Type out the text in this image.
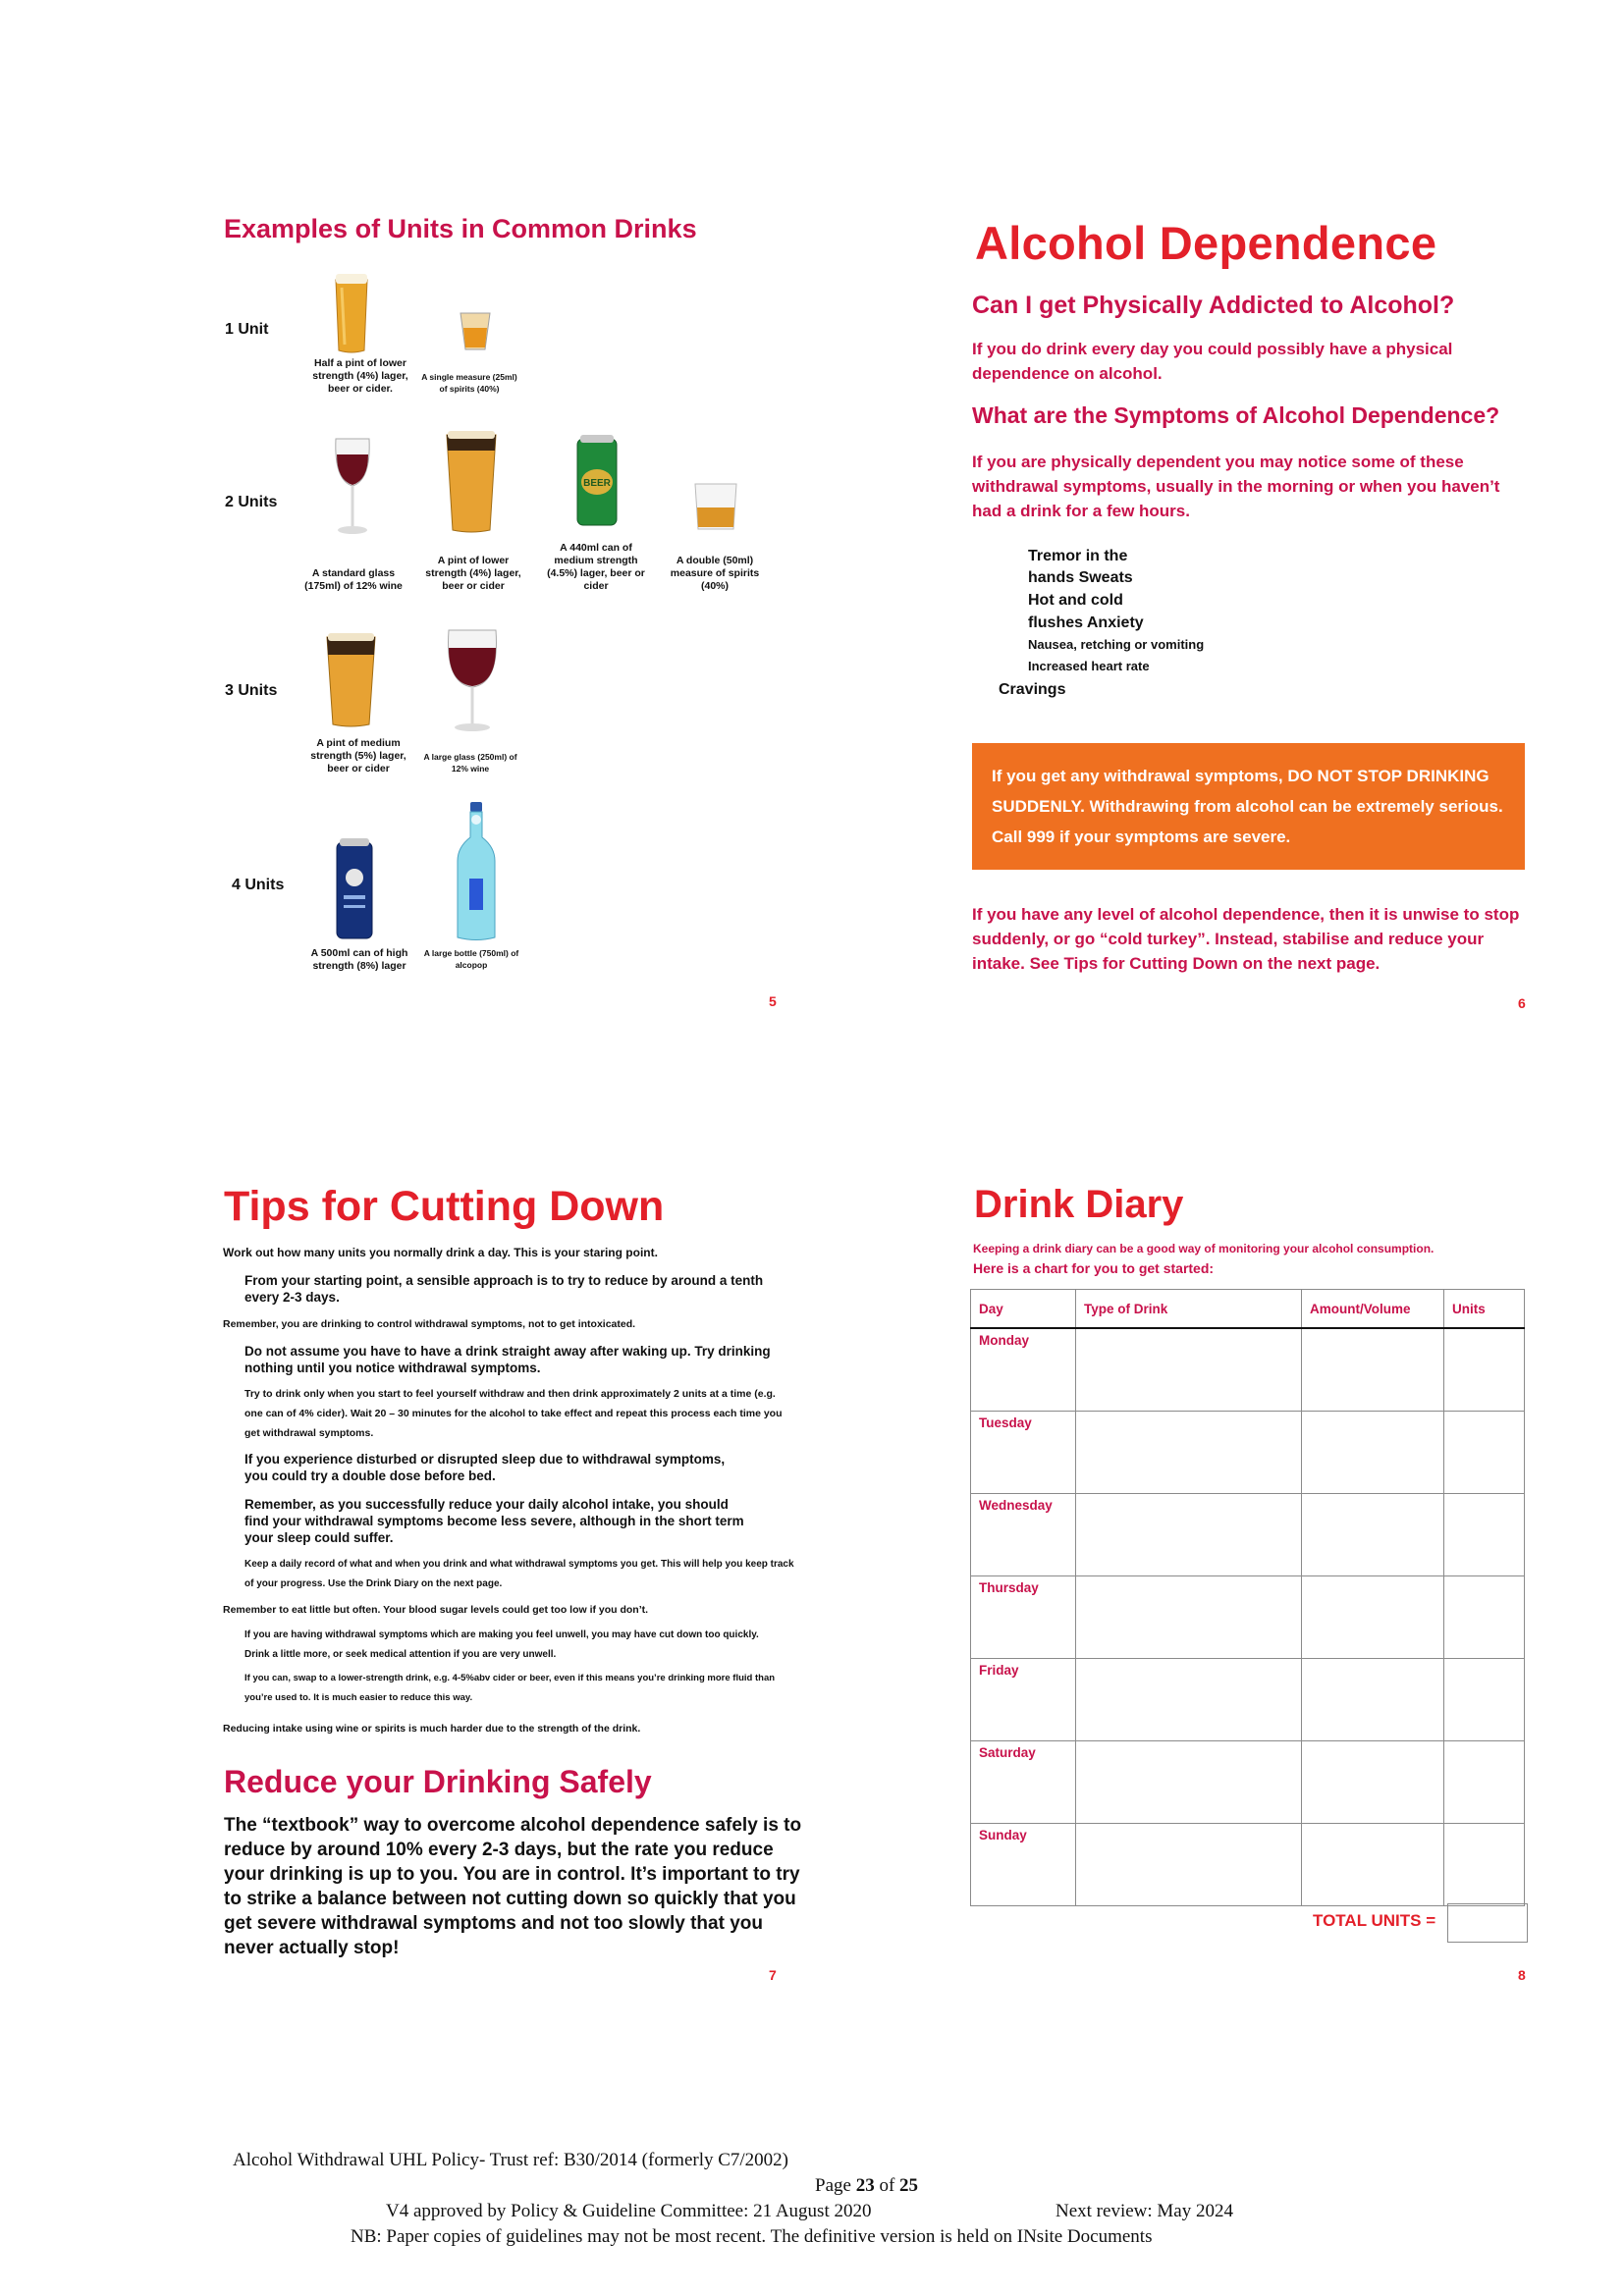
Examples of Units in Common Drinks
1 Unit
2 Units
3 Units
4 Units
Half a pint of lower strength (4%) lager, beer or cider.
A single measure (25ml) of spirits (40%)
BEER
A standard glass (175ml) of 12% wine
A pint of lower strength (4%) lager, beer or cider
A 440ml can of medium strength (4.5%) lager, beer or cider
A double (50ml) measure of spirits (40%)
A pint of medium strength (5%) lager, beer or cider
A large glass (250ml) of 12% wine
A 500ml can of high strength (8%) lager
A large bottle (750ml) of alcopop
5
Alcohol Dependence
Can I get Physically Addicted to Alcohol?
If you do drink every day you could possibly have a physical dependence on alcohol.
What are the Symptoms of Alcohol Dependence?
If you are physically dependent you may notice some of these withdrawal symptoms, usually in the morning or when you haven’t had a drink for a few hours.
Tremor in the
hands Sweats
Hot and cold
flushes Anxiety
Nausea, retching or vomiting
Increased heart rate
Cravings
If you get any withdrawal symptoms, DO NOT STOP DRINKING SUDDENLY. Withdrawing from alcohol can be extremely serious. Call 999 if your symptoms are severe.
If you have any level of alcohol dependence, then it is unwise to stop suddenly, or go “cold turkey”. Instead, stabilise and reduce your intake. See Tips for Cutting Down on the next page.
6
Tips for Cutting Down
Work out how many units you normally drink a day. This is your staring point.
From your starting point, a sensible approach is to try to reduce by around a tenth every 2-3 days.
Remember, you are drinking to control withdrawal symptoms, not to get intoxicated.
Do not assume you have to have a drink straight away after waking up. Try drinking nothing until you notice withdrawal symptoms.
Try to drink only when you start to feel yourself withdraw and then drink approximately 2 units at a time (e.g. one can of 4% cider). Wait 20 – 30 minutes for the alcohol to take effect and repeat this process each time you get withdrawal symptoms.
If you experience disturbed or disrupted sleep due to withdrawal symptoms, you could try a double dose before bed.
Remember, as you successfully reduce your daily alcohol intake, you should find your withdrawal symptoms become less severe, although in the short term your sleep could suffer.
Keep a daily record of what and when you drink and what withdrawal symptoms you get. This will help you keep track of your progress. Use the Drink Diary on the next page.
Remember to eat little but often. Your blood sugar levels could get too low if you don’t.
If you are having withdrawal symptoms which are making you feel unwell, you may have cut down too quickly. Drink a little more, or seek medical attention if you are very unwell.
If you can, swap to a lower-strength drink, e.g. 4-5%abv cider or beer, even if this means you’re drinking more fluid than you’re used to. It is much easier to reduce this way.
Reducing intake using wine or spirits is much harder due to the strength of the drink.
Reduce your Drinking Safely
The “textbook” way to overcome alcohol dependence safely is to reduce by around 10% every 2-3 days, but the rate you reduce your drinking is up to you. You are in control. It’s important to try to strike a balance between not cutting down so quickly that you get severe withdrawal symptoms and not too slowly that you never actually stop!
7
Drink Diary
Keeping a drink diary can be a good way of monitoring your alcohol consumption.
Here is a chart for you to get started:
Day	Type of Drink	Amount/Volume	Units
Monday			
Tuesday			
Wednesday			
Thursday			
Friday			
Saturday			
Sunday			
TOTAL UNITS =
8
Alcohol Withdrawal UHL Policy- Trust ref: B30/2014 (formerly C7/2002)
Page 23 of 25
V4 approved by Policy & Guideline Committee: 21 August 2020	Next review: May 2024
NB: Paper copies of guidelines may not be most recent. The definitive version is held on INsite Documents
